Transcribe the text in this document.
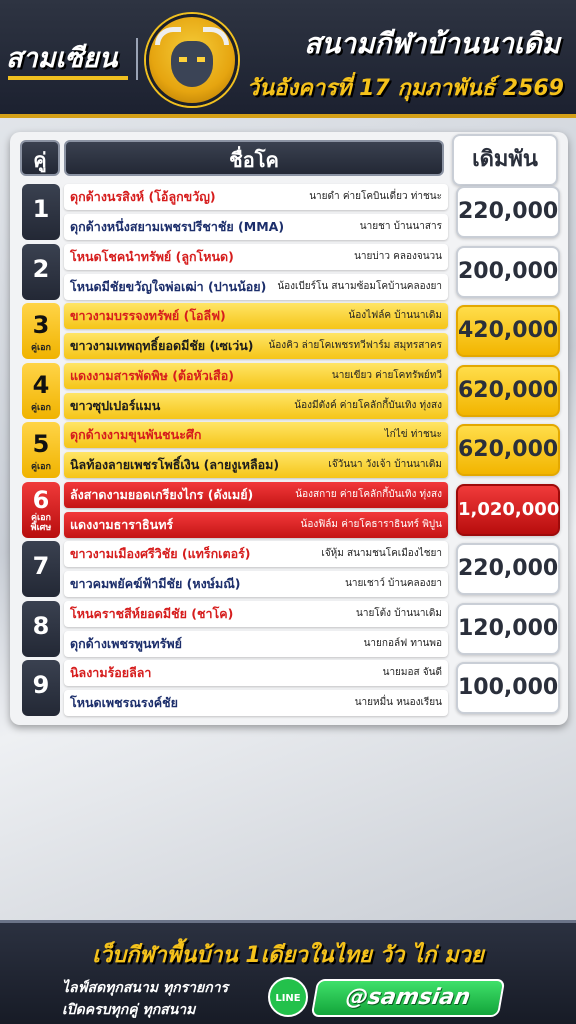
สามเซียน	สนามกีฬาบ้านนาเดิม
วันอังคารที่ 17 กุมภาพันธ์ 2569
คู่	ชื่อโค	เดิมพัน
1	ดุกด้างนรสิงห์ (โอ้ลูกขวัญ)	นายดำ ค่ายโคบินเดี่ยว ท่าชนะ
ดุกด้างหนึ่งสยามเพชรปรีชาชัย (MMA)	นายชา บ้านนาสาร
220,000
2	โหนดโชคนำทรัพย์ (ลูกโหนด)	นายบ่าว คลองจนวน
โหนดมีชัยขวัญใจพ่อเฒ่า (ปานน้อย) น้องเบียร์โน สนามซ้อมโคบ้านคลองยา
200,000
3
คู่เอก
ขาวงามบรรจงทรัพย์ (โอลีฟ)	น้องไฟล์ค บ้านนาเดิม
ขาวงามเทพฤทธิ์ยอดมีชัย (เซเว่น) น้องคิว ล่ายโคเพชรทวีฟาร์ม สมุทรสาคร
420,000
4
คู่เอก
แดงงามสารพัดพิษ (ต้อหัวเสือ)	นายเขียว ค่ายโคทรัพย์ทวี
ขาวซุปเปอร์แมน	น้องมีตังค์ ค่ายโคลักกี้บันเทิง ทุ่งสง
620,000
5
คู่เอก
ดุกด้างงามขุนพันชนะศึก	ไก่ไข่ ท่าชนะ
นิลท้องลายเพชรโพธิ์เงิน (ลายงูเหลือม)	เจ๊วันนา วังเจ้า บ้านนาเดิม
620,000
6
คู่เอกพิเศษ
ลังสาดงามยอดเกรียงไกร (ดังเมย์)	น้องสกาย ค่ายโคลักกี้บันเทิง ทุ่งสง
แดงงามธาราธินทร์	น้องฟิล์ม ค่ายโคธาราธินทร์ พิปูน
1,020,000
7	ขาวงามเมืองศรีวิชัย (แทร็กเตอร์)	เจ๊หุ้ม สนามชนโคเมืองไชยา
ขาวคมพยัคฆ์ฟ้ามีชัย (หงษ์มณี)	นายเชาว์ บ้านคลองยา
220,000
8	โหนคราชสีห์ยอดมีชัย (ชาโค)	นายโต้ง บ้านนาเดิม
ดุกด้างเพชรพูนทรัพย์	นายกอล์ฟ ทานพอ
120,000
9	นิลงามร้อยลีลา	นายมอส จันดี
โหนดเพชรณรงค์ชัย	นายหมื่น หนองเรียน
100,000
เว็บกีฬาพื้นบ้าน 1เดียวในไทย วัว ไก่ มวย
ไลฟ์สดทุกสนาม ทุกรายการ
เปิดครบทุกคู่ ทุกสนาม
LINE	@samsian
